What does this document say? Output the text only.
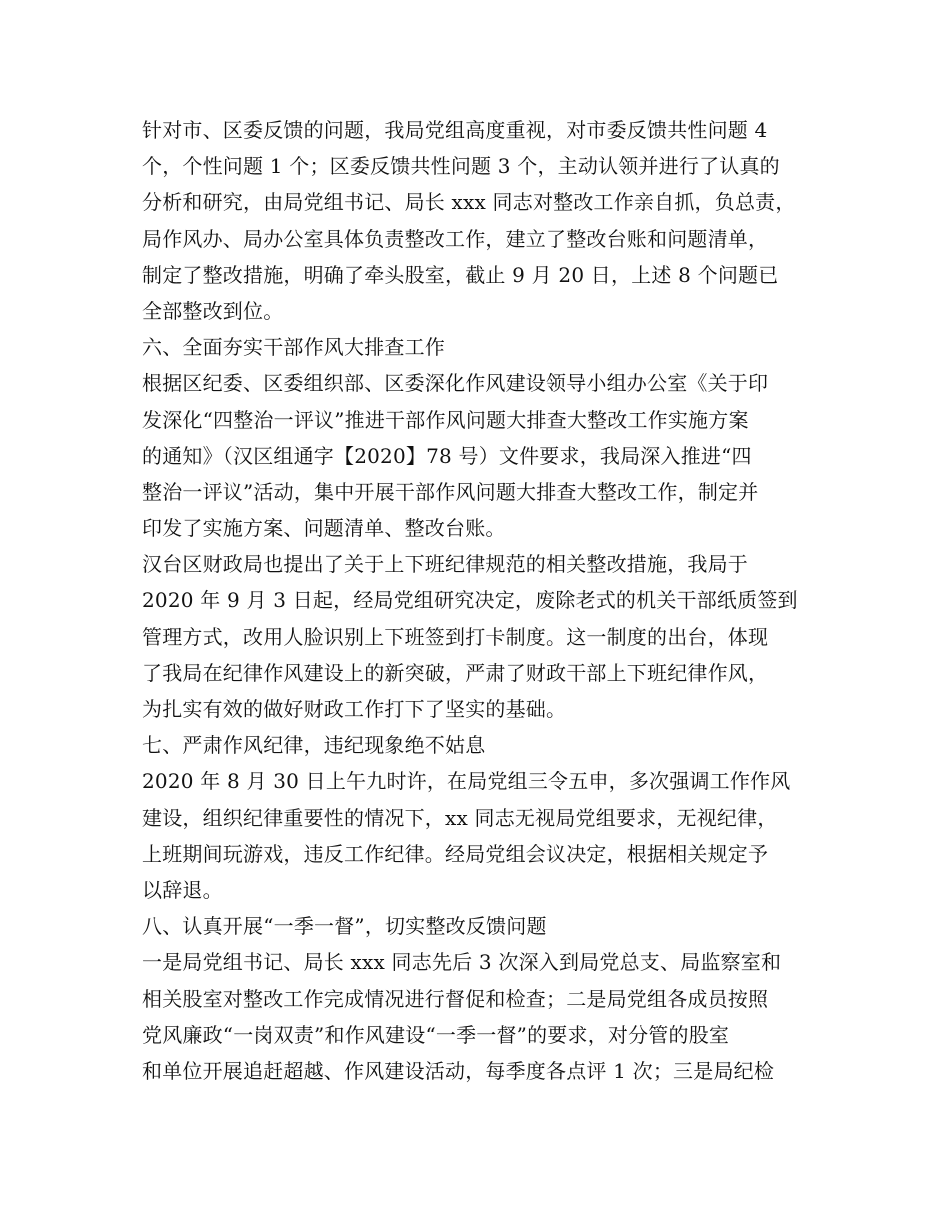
针对市、区委反馈的问题，我局党组高度重视，对市委反馈共性问题 4
个，个性问题 1 个；区委反馈共性问题 3 个，主动认领并进行了认真的
分析和研究，由局党组书记、局长 xxx 同志对整改工作亲自抓，负总责，
局作风办、局办公室具体负责整改工作，建立了整改台账和问题清单，
制定了整改措施，明确了牵头股室，截止 9 月 20 日，上述 8 个问题已
全部整改到位。
六、全面夯实干部作风大排查工作
根据区纪委、区委组织部、区委深化作风建设领导小组办公室《关于印
发深化“四整治一评议”推进干部作风问题大排查大整改工作实施方案
的通知》（汉区组通字【2020】78 号）文件要求，我局深入推进“四
整治一评议”活动，集中开展干部作风问题大排查大整改工作，制定并
印发了实施方案、问题清单、整改台账。
汉台区财政局也提出了关于上下班纪律规范的相关整改措施，我局于
2020 年 9 月 3 日起，经局党组研究决定，废除老式的机关干部纸质签到
管理方式，改用人脸识别上下班签到打卡制度。这一制度的出台，体现
了我局在纪律作风建设上的新突破，严肃了财政干部上下班纪律作风，
为扎实有效的做好财政工作打下了坚实的基础。
七、严肃作风纪律，违纪现象绝不姑息
2020 年 8 月 30 日上午九时许，在局党组三令五申，多次强调工作作风
建设，组织纪律重要性的情况下，xx 同志无视局党组要求，无视纪律，
上班期间玩游戏，违反工作纪律。经局党组会议决定，根据相关规定予
以辞退。
八、认真开展“一季一督”，切实整改反馈问题
一是局党组书记、局长 xxx 同志先后 3 次深入到局党总支、局监察室和
相关股室对整改工作完成情况进行督促和检查；二是局党组各成员按照
党风廉政“一岗双责”和作风建设“一季一督”的要求，对分管的股室
和单位开展追赶超越、作风建设活动，每季度各点评 1 次；三是局纪检
